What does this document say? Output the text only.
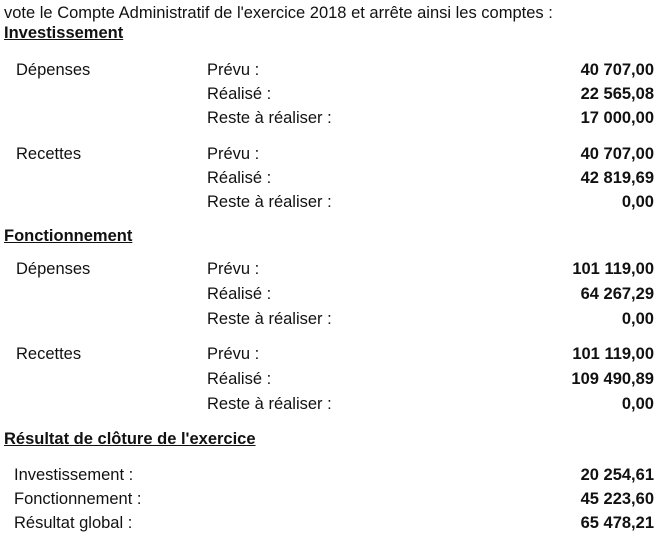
vote le Compte Administratif de l'exercice 2018 et arrête ainsi les comptes :
Investissement
Dépenses	Prévu :	40 707,00
Réalisé :	22 565,08
Reste à réaliser :	17 000,00
Recettes	Prévu :	40 707,00
Réalisé :	42 819,69
Reste à réaliser :	0,00
Fonctionnement
Dépenses	Prévu :	101 119,00
Réalisé :	64 267,29
Reste à réaliser :	0,00
Recettes	Prévu :	101 119,00
Réalisé :	109 490,89
Reste à réaliser :	0,00
Résultat de clôture de l'exercice
Investissement :	20 254,61
Fonctionnement :	45 223,60
Résultat global :	65 478,21
